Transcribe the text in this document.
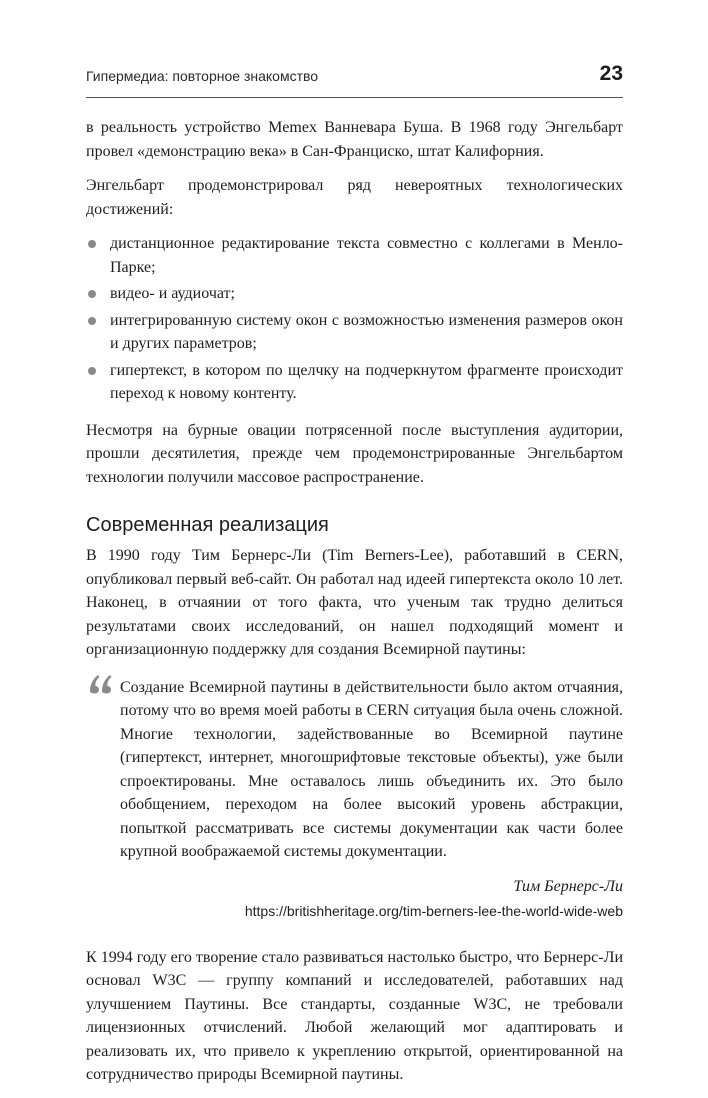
Гипермедиа: повторное знакомство	23

в реальность устройство Memex Ванневара Буша. В 1968 году Энгельбарт провел «демонстрацию века» в Сан-Франциско, штат Калифорния.

Энгельбарт продемонстрировал ряд невероятных технологических достижений:

дистанционное редактирование текста совместно с коллегами в Менло-Парке;
видео- и аудиочат;
интегрированную систему окон с возможностью изменения размеров окон и других параметров;
гипертекст, в котором по щелчку на подчеркнутом фрагменте происходит переход к новому контенту.

Несмотря на бурные овации потрясенной после выступления аудитории, прошли десятилетия, прежде чем продемонстрированные Энгельбартом технологии получили массовое распространение.

Современная реализация

В 1990 году Тим Бернерс-Ли (Tim Berners-Lee), работавший в CERN, опубликовал первый веб-сайт. Он работал над идеей гипертекста около 10 лет. Наконец, в отчаянии от того факта, что ученым так трудно делиться результатами своих исследований, он нашел подходящий момент и организационную поддержку для создания Всемирной паутины:

Создание Всемирной паутины в действительности было актом отчаяния, потому что во время моей работы в CERN ситуация была очень сложной. Многие технологии, задействованные во Всемирной паутине (гипертекст, интернет, многошрифтовые текстовые объекты), уже были спроектированы. Мне оставалось лишь объединить их. Это было обобщением, переходом на более высокий уровень абстракции, попыткой рассматривать все системы документации как части более крупной воображаемой системы документации.

Тим Бернерс-Ли
https://britishheritage.org/tim-berners-lee-the-world-wide-web

К 1994 году его творение стало развиваться настолько быстро, что Бернерс-Ли основал W3C — группу компаний и исследователей, работавших над улучшением Паутины. Все стандарты, созданные W3C, не требовали лицензионных отчислений. Любой желающий мог адаптировать и реализовать их, что привело к укреплению открытой, ориентированной на сотрудничество природы Всемирной паутины.
